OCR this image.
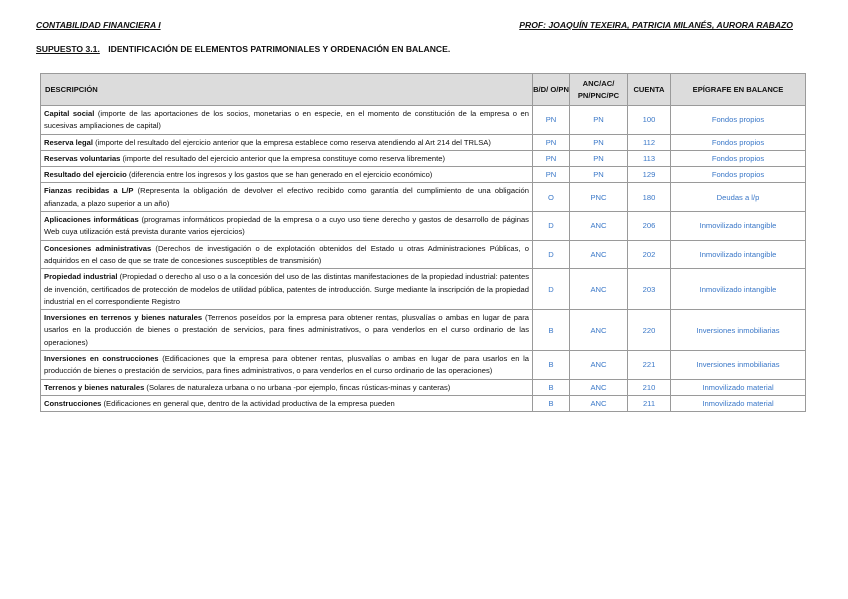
CONTABILIDAD FINANCIERA I	PROF: JOAQUÍN TEXEIRA, PATRICIA MILANÉS, AURORA RABAZO
SUPUESTO 3.1. IDENTIFICACIÓN DE ELEMENTOS PATRIMONIALES Y ORDENACIÓN EN BALANCE.
DESCRIPCIÓN	B/D/ O/PN	ANC/AC/ PN/PNC/PC	CUENTA	EPÍGRAFE EN BALANCE
Capital social (importe de las aportaciones de los socios, monetarias o en especie, en el momento de constitución de la empresa o en sucesivas ampliaciones de capital)	PN	PN	100	Fondos propios
Reserva legal (importe del resultado del ejercicio anterior que la empresa establece como reserva atendiendo al Art 214 del TRLSA)	PN	PN	112	Fondos propios
Reservas voluntarias (importe del resultado del ejercicio anterior que la empresa constituye como reserva libremente)	PN	PN	113	Fondos propios
Resultado del ejercicio (diferencia entre los ingresos y los gastos que se han generado en el ejercicio económico)	PN	PN	129	Fondos propios
Fianzas recibidas a L/P (Representa la obligación de devolver el efectivo recibido como garantía del cumplimiento de una obligación afianzada, a plazo superior a un año)	O	PNC	180	Deudas a l/p
Aplicaciones informáticas (programas informáticos propiedad de la empresa o a cuyo uso tiene derecho y gastos de desarrollo de páginas Web cuya utilización está prevista durante varios ejercicios)	D	ANC	206	Inmovilizado intangible
Concesiones administrativas (Derechos de investigación o de explotación obtenidos del Estado u otras Administraciones Públicas, o adquiridos en el caso de que se trate de concesiones susceptibles de transmisión)	D	ANC	202	Inmovilizado intangible
Propiedad industrial (Propiedad o derecho al uso o a la concesión del uso de las distintas manifestaciones de la propiedad industrial: patentes de invención, certificados de protección de modelos de utilidad pública, patentes de introducción. Surge mediante la inscripción de la propiedad industrial en el correspondiente Registro	D	ANC	203	Inmovilizado intangible
Inversiones en terrenos y bienes naturales (Terrenos poseídos por la empresa para obtener rentas, plusvalías o ambas en lugar de para usarlos en la producción de bienes o prestación de servicios, para fines administrativos, o para venderlos en el curso ordinario de las operaciones)	B	ANC	220	Inversiones inmobiliarias
Inversiones en construcciones (Edificaciones que la empresa para obtener rentas, plusvalías o ambas en lugar de para usarlos en la producción de bienes o prestación de servicios, para fines administrativos, o para venderlos en el curso ordinario de las operaciones)	B	ANC	221	Inversiones inmobiliarias
Terrenos y bienes naturales (Solares de naturaleza urbana o no urbana -por ejemplo, fincas rústicas-minas y canteras)	B	ANC	210	Inmovilizado material
Construcciones (Edificaciones en general que, dentro de la actividad productiva de la empresa pueden	B	ANC	211	Inmovilizado material
